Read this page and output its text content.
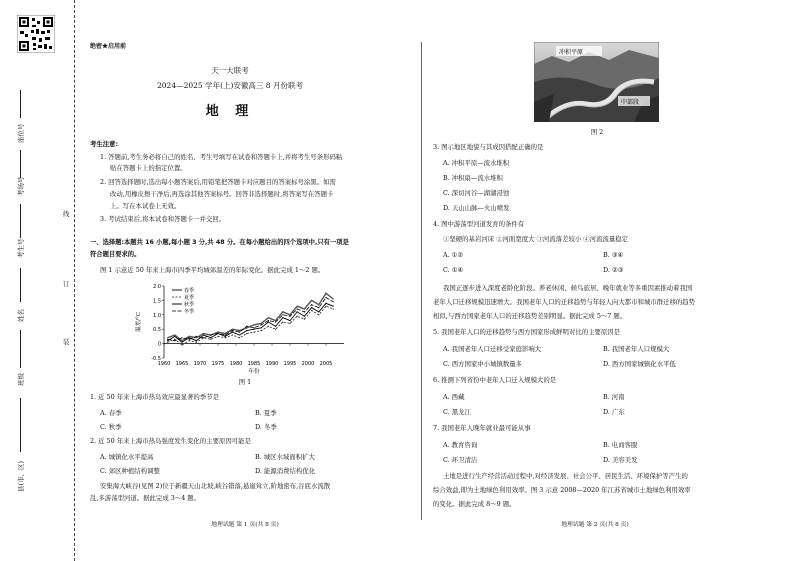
座位号
考场号
考生号
姓名
班级
县(市、区)
线
订
装
绝密★启用前
天一大联考
2024—2025 学年(上)安徽高三 8 月份联考
地 理
考生注意:
1. 答题前,考生务必将自己的姓名、考生号填写在试卷和答题卡上,并将考生号条形码粘
贴在答题卡上的指定位置。
2. 回答选择题时,选出每小题答案后,用铅笔把答题卡对应题目的答案标号涂黑。如需
改动,用橡皮擦干净后,再选涂其他答案标号。回答非选择题时,将答案写在答题卡
上。写在本试卷上无效。
3. 考试结束后,将本试卷和答题卡一并交回。
一、选择题:本题共 16 小题,每小题 3 分,共 48 分。在每小题给出的四个选项中,只有一项是
符合题目要求的。
图 1 示意近 50 年来上海市四季平均城郊温差的年际变化。据此完成 1～2 题。
-0.5
0
0.5
1.0
1.5
2.0
1960 1965 1970 1975 1980 1985 1990 1995 2000 2005
温差/°C
年份
春季
夏季
秋季
冬季
图 1
1. 近 50 年来上海市热岛效应最显著的季节是
A. 春季	B. 夏季
C. 秋季	D. 冬季
2. 近 50 年来上海市热岛强度发生变化的主要原因可能是
A. 城镇化水平提高	B. 城区水域面积扩大
C. 郊区种植结构调整	D. 能源消费结构优化
安集海大峡谷(见图 2)位于新疆天山北坡,峡谷错落,悬崖耸立,阶地密布,谷底水流散
乱,多游荡型河道。据此完成 3～4 题。
地理试题 第 1 页(共 8 页)
冲积平原
中部段
图 2
3. 图示地区地貌与其成因搭配正确的是
A. 冲积平原—流水堆积
B. 冲积扇—流水堆积
C. 深切河谷—湖湖浸蚀
D. 天山山脉—火山喷发
4. 图中游荡型河道发育的条件有
①坚硬的基岩河床 ②河面宽度大 ③河流落差较小 ④河流流量稳定
A. ①②	B. ③④
C. ①④	D. ②③
我国正逐步进入深度老龄化阶段。养老休闲、候鸟旅居、晚年就业等多重因素推动着我国
老年人口迁移规模迅速增大。我国老年人口的迁移趋势与年轻人向大都市和城市群迁移的趋势
相似,与西方国家老年人口的迁移趋势差别明显。据此完成 5～7 题。
5. 我国老年人口的迁移趋势与西方国家形成鲜明对比的主要原因是
A. 我国老年人口迁移受家庭影响大	B. 我国老年人口规模大
C. 西方国家中小城镇数量多	D. 西方国家城镇化水平低
6. 推测下列省份中老年人口迁入规模大的是
A. 西藏	B. 河南
C. 黑龙江	D. 广东
7. 我国老年人晚年就业最可能从事
A. 教育咨询	B. 电商客服
C. 环卫清洁	D. 美容美发
土地是进行生产经营活动过程中,对经济发展、社会公平、居民生活、环境保护等产生的
综合效益,即为土地绿色利用效率。图 3 示意 2008—2020 年江苏省城市土地绿色利用效率
的变化。据此完成 8～9 题。
地理试题 第 2 页(共 8 页)
